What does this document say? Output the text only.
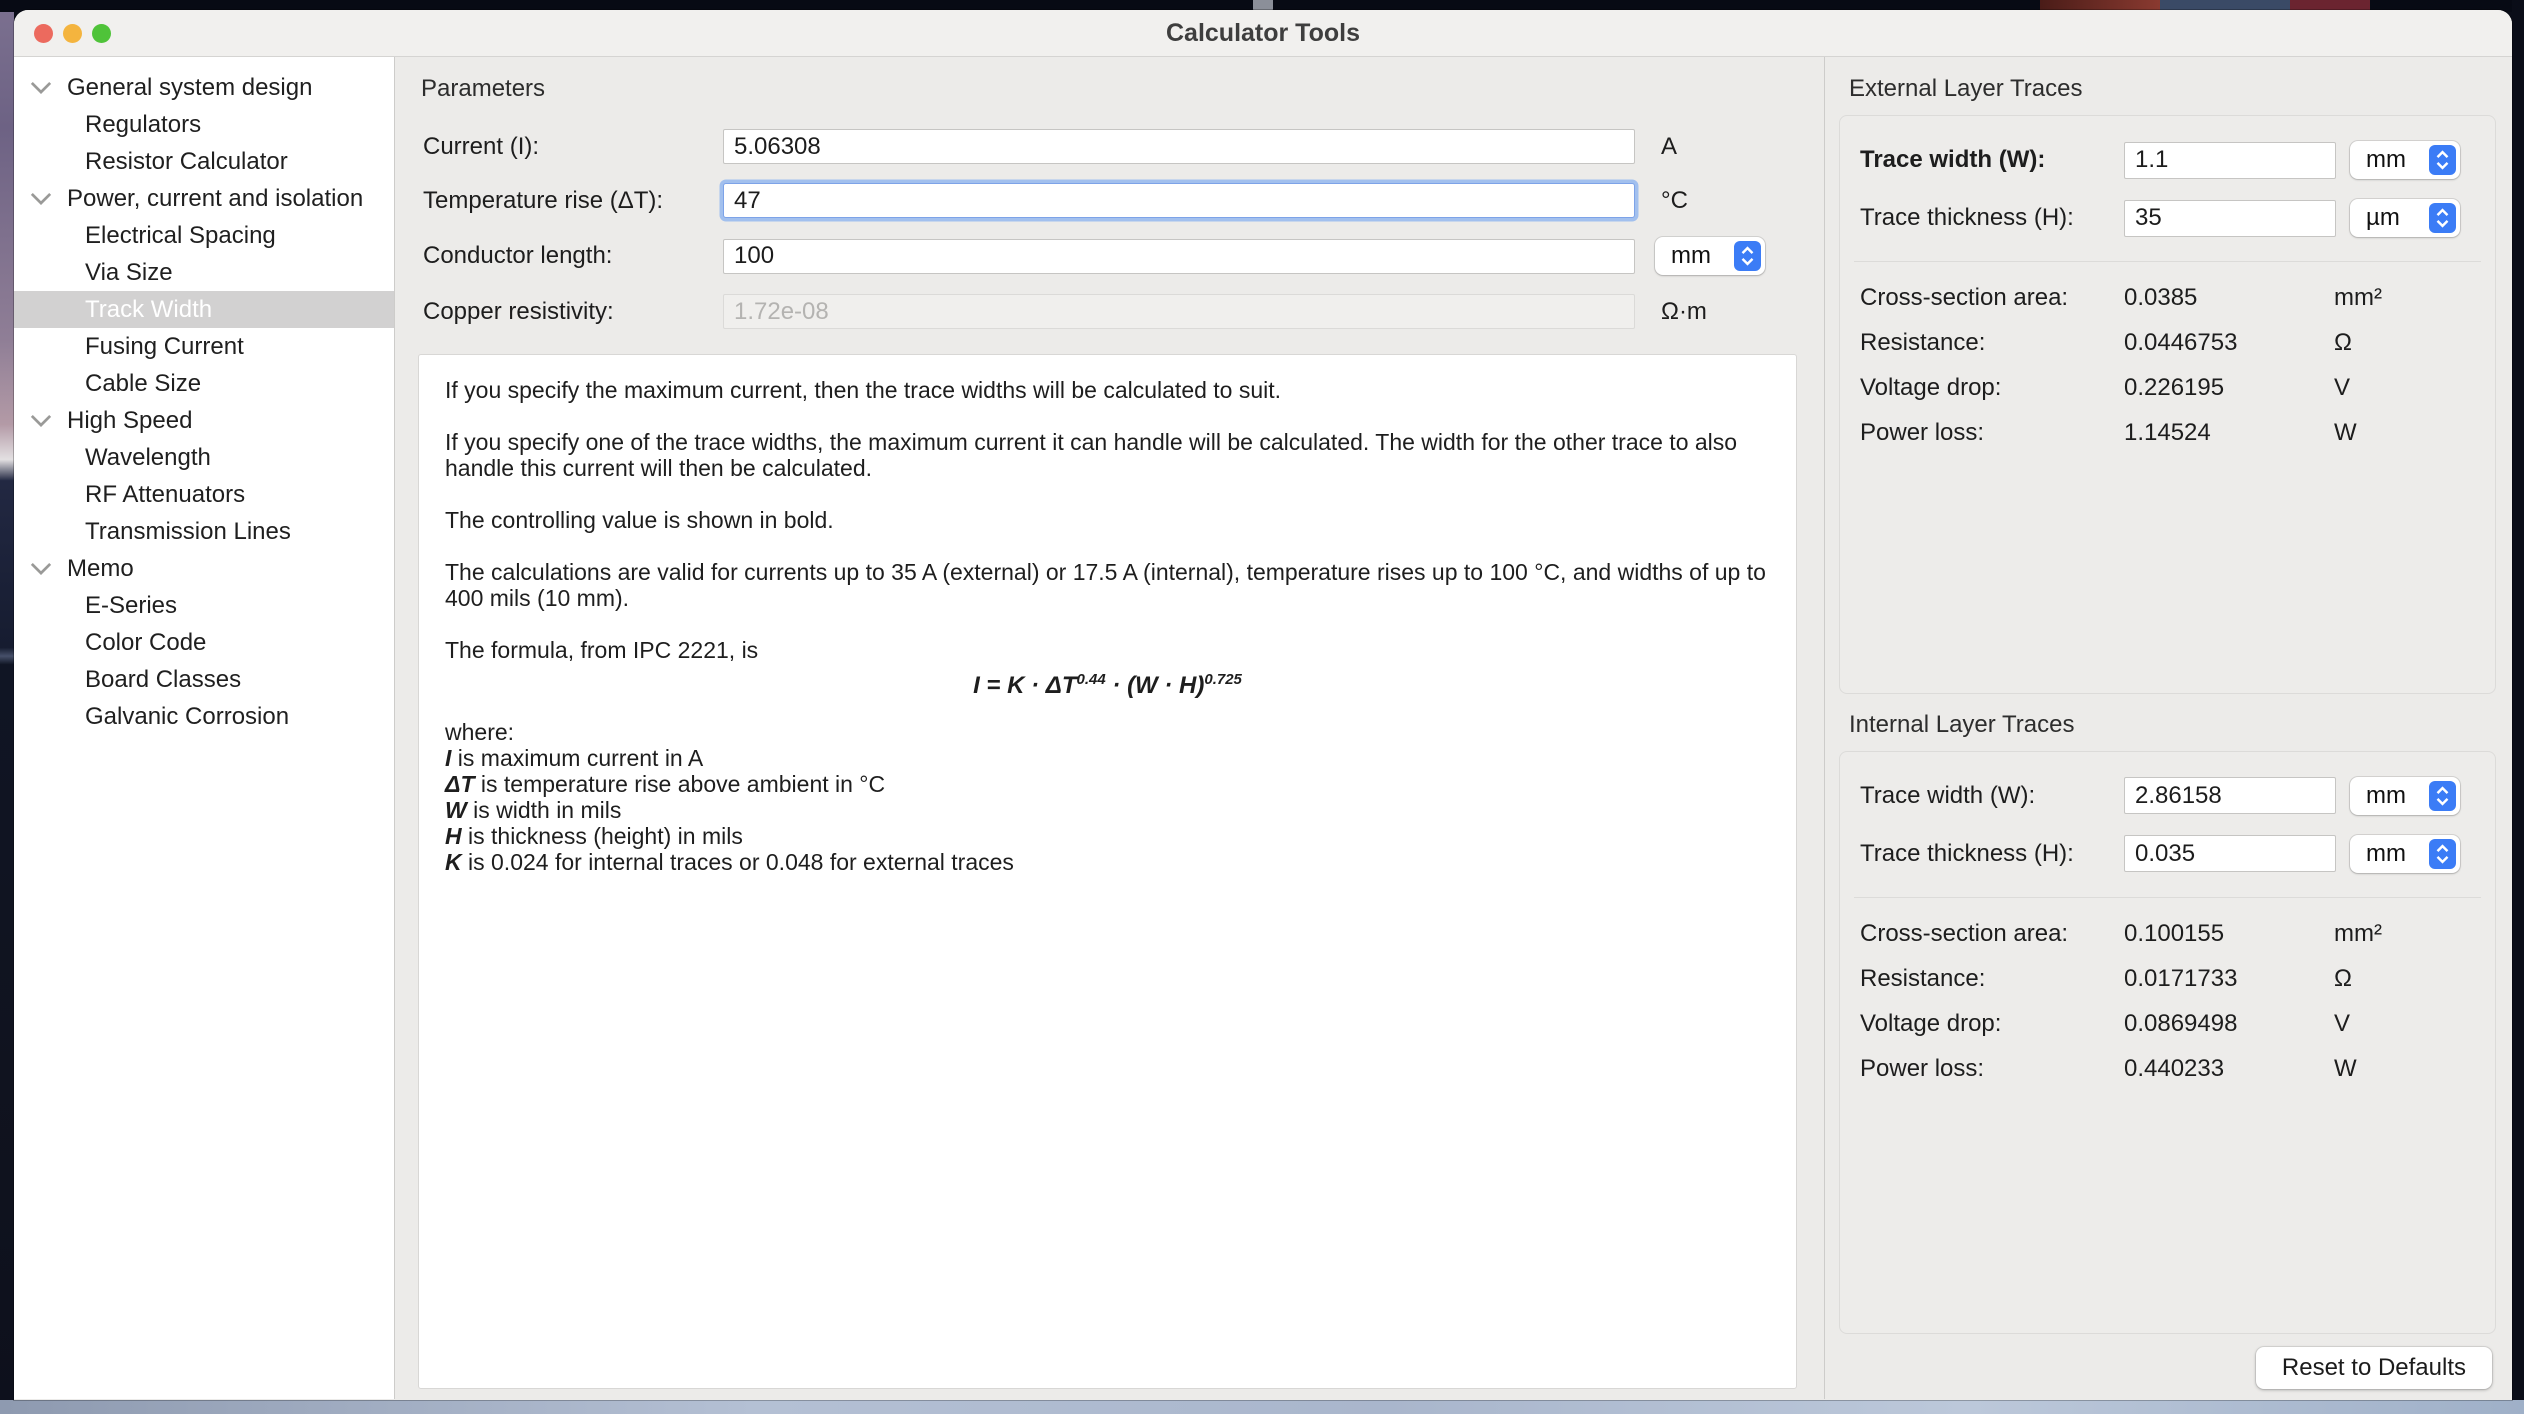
Calculator Tools
General system design
Regulators
Resistor Calculator
Power, current and isolation
Electrical Spacing
Via Size
Track Width
Fusing Current
Cable Size
High Speed
Wavelength
RF Attenuators
Transmission Lines
Memo
E-Series
Color Code
Board Classes
Galvanic Corrosion
Parameters
Current (I):
5.06308	A
Temperature rise (ΔT):
47	°C
Conductor length:
100	mm
Copper resistivity:
1.72e-08	Ω·m

If you specify the maximum current, then the trace widths will be calculated to suit.

If you specify one of the trace widths, the maximum current it can handle will be calculated. The width for the other trace to also handle this current will then be calculated.

The controlling value is shown in bold.

The calculations are valid for currents up to 35 A (external) or 17.5 A (internal), temperature rises up to 100 °C, and widths of up to 400 mils (10 mm).

The formula, from IPC 2221, is

$I = K \cdot \Delta T^{0.44} \cdot (W \cdot H)^{0.725}$
where:
I is maximum current in A
ΔT is temperature rise above ambient in °C
W is width in mils
H is thickness (height) in mils
K is 0.024 for internal traces or 0.048 for external traces
External Layer Traces
Trace width (W):
1.1	mm
Trace thickness (H):
35	µm
Cross-section area:	0.0385	mm²
Resistance:	0.0446753	Ω
Voltage drop:	0.226195	V
Power loss:	1.14524	W
Internal Layer Traces
Trace width (W):
2.86158	mm
Trace thickness (H):
0.035	mm
Cross-section area:	0.100155	mm²
Resistance:	0.0171733	Ω
Voltage drop:	0.0869498	V
Power loss:	0.440233	W
Reset to Defaults
